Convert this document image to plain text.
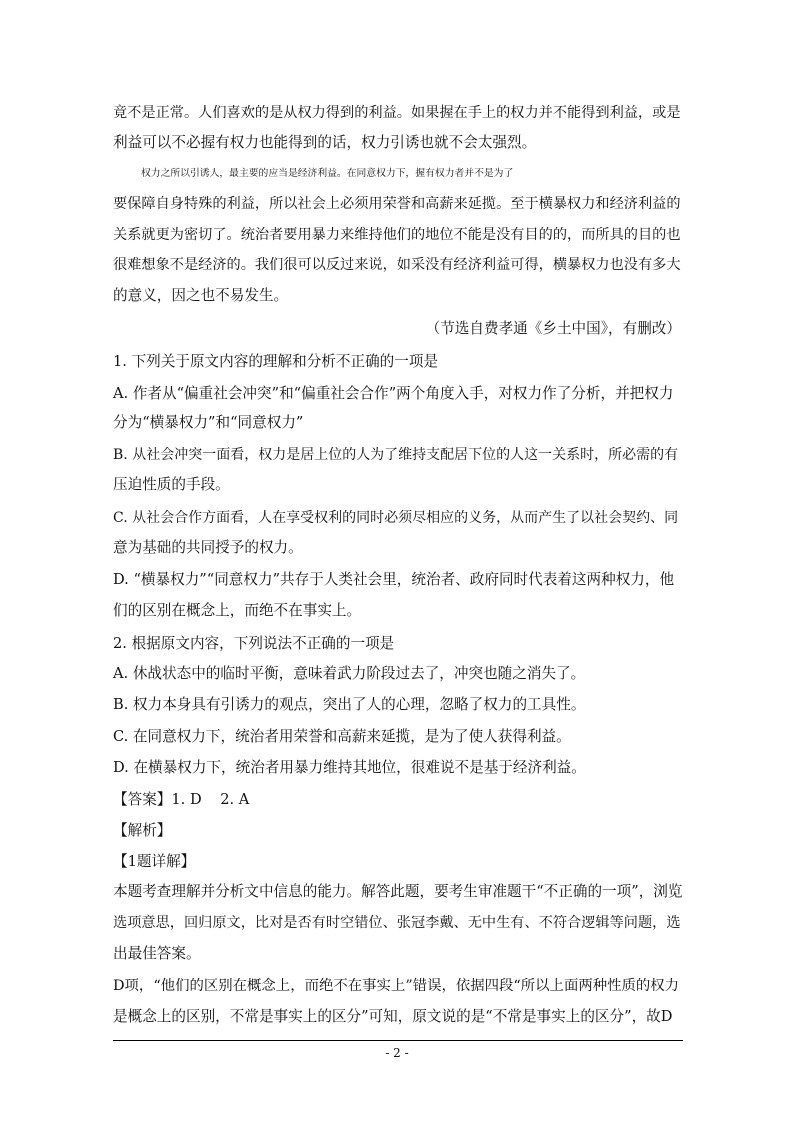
竟不是正常。人们喜欢的是从权力得到的利益。如果握在手上的权力并不能得到利益，或是
利益可以不必握有权力也能得到的话，权力引诱也就不会太强烈。
权力之所以引诱人，最主要的应当是经济利益。在同意权力下，握有权力者并不是为了
要保障自身特殊的利益，所以社会上必须用荣誉和高薪来延揽。至于横暴权力和经济利益的
关系就更为密切了。统治者要用暴力来维持他们的地位不能是没有目的的，而所具的目的也
很难想象不是经济的。我们很可以反过来说，如采没有经济利益可得，横暴权力也没有多大
的意义，因之也不易发生。
（节选自费孝通《乡土中国》，有删改）
1. 下列关于原文内容的理解和分析不正确的一项是
A. 作者从“偏重社会冲突”和“偏重社会合作”两个角度入手，对权力作了分析，并把权力
分为“横暴权力”和“同意权力”
B. 从社会冲突一面看，权力是居上位的人为了维持支配居下位的人这一关系时，所必需的有
压迫性质的手段。
C. 从社会合作方面看，人在享受权利的同时必须尽相应的义务，从而产生了以社会契约、同
意为基础的共同授予的权力。
D. “横暴权力”“同意权力”共存于人类社会里，统治者、政府同时代表着这两种权力，他
们的区别在概念上，而绝不在事实上。
2. 根据原文内容，下列说法不正确的一项是
A. 休战状态中的临时平衡，意味着武力阶段过去了，冲突也随之消失了。
B. 权力本身具有引诱力的观点，突出了人的心理，忽略了权力的工具性。
C. 在同意权力下，统治者用荣誉和高薪来延揽，是为了使人获得利益。
D. 在横暴权力下，统治者用暴力维持其地位，很难说不是基于经济利益。
【答案】1. D    2. A
【解析】
【1题详解】
本题考查理解并分析文中信息的能力。解答此题，要考生审准题干“不正确的一项”，浏览
选项意思，回归原文，比对是否有时空错位、张冠李戴、无中生有、不符合逻辑等问题，选
出最佳答案。
D项，“他们的区别在概念上，而绝不在事实上”错误，依据四段“所以上面两种性质的权力
是概念上的区别，不常是事实上的区分”可知，原文说的是“不常是事实上的区分”，故D
- 2 -
